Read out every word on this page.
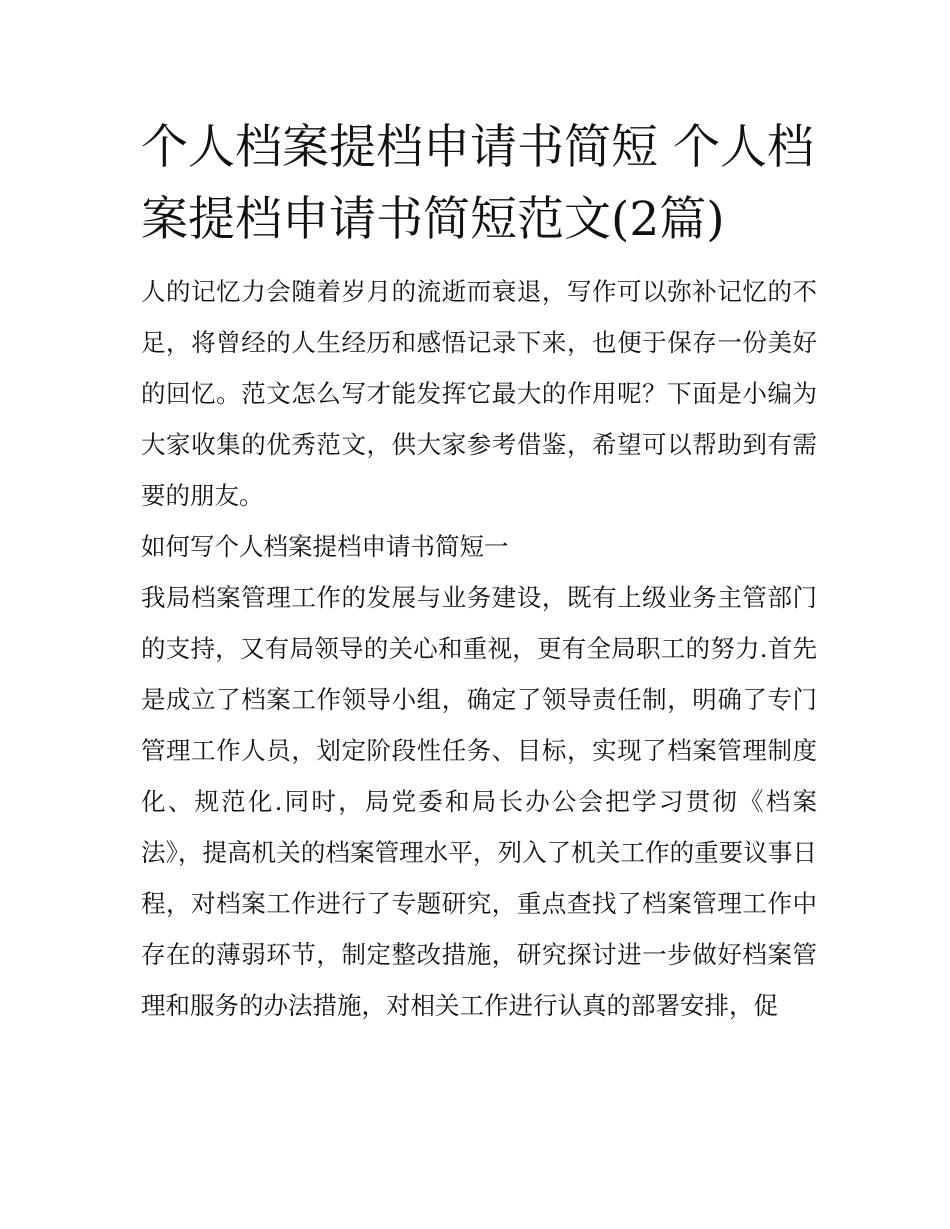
个人档案提档申请书简短 个人档案提档申请书简短范文(2篇)

人的记忆力会随着岁月的流逝而衰退，写作可以弥补记忆的不足，将曾经的人生经历和感悟记录下来，也便于保存一份美好的回忆。范文怎么写才能发挥它最大的作用呢？下面是小编为大家收集的优秀范文，供大家参考借鉴，希望可以帮助到有需要的朋友。

如何写个人档案提档申请书简短一

我局档案管理工作的发展与业务建设，既有上级业务主管部门的支持，又有局领导的关心和重视，更有全局职工的努力.首先是成立了档案工作领导小组，确定了领导责任制，明确了专门管理工作人员，划定阶段性任务、目标，实现了档案管理制度化、规范化.同时，局党委和局长办公会把学习贯彻《档案法》，提高机关的档案管理水平，列入了机关工作的重要议事日程，对档案工作进行了专题研究，重点查找了档案管理工作中存在的薄弱环节，制定整改措施，研究探讨进一步做好档案管理和服务的办法措施，对相关工作进行认真的部署安排，促
